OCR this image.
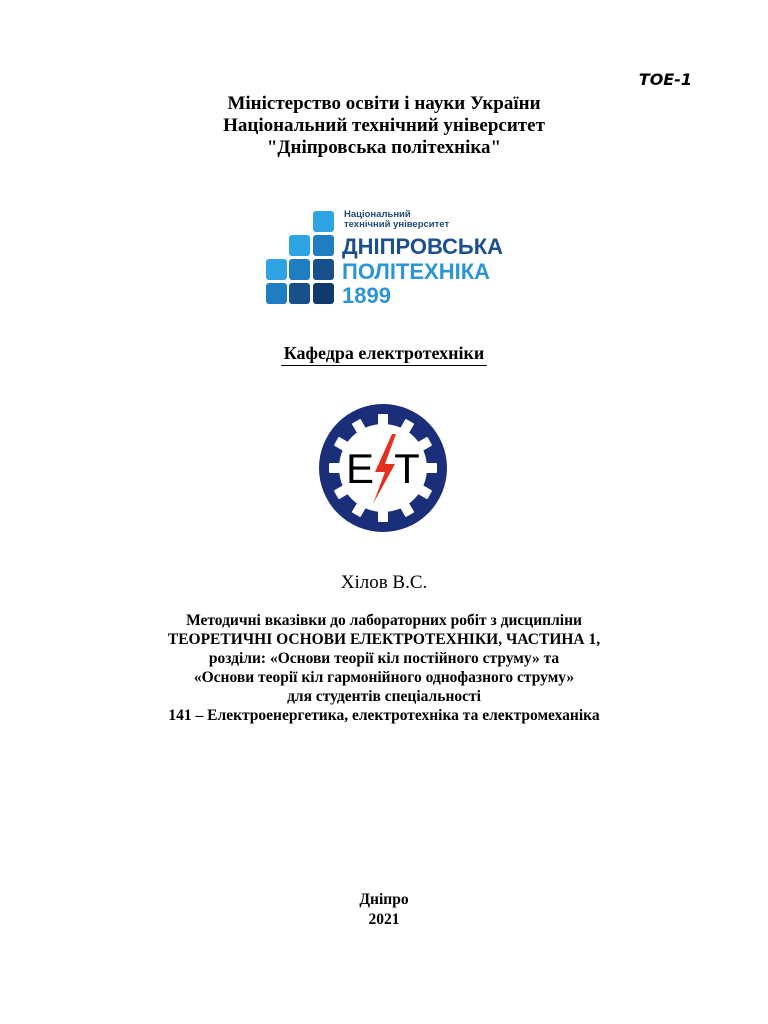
TOE-1
Міністерство освіти і науки України
Національний технічний університет
"Дніпровська політехніка"
Національний
технічний університет
ДНІПРОВСЬКА
ПОЛІТЕХНІКА
1899
Кафедра електротехніки
E T
Хілов В.С.
Методичні вказівки до лабораторних робіт з дисципліни
ТЕОРЕТИЧНІ ОСНОВИ ЕЛЕКТРОТЕХНІКИ, ЧАСТИНА 1,
розділи: «Основи теорії кіл постійного струму» та
«Основи теорії кіл гармонійного однофазного струму»
для студентів спеціальності
141 – Електроенергетика, електротехніка та електромеханіка
Дніпро
2021
